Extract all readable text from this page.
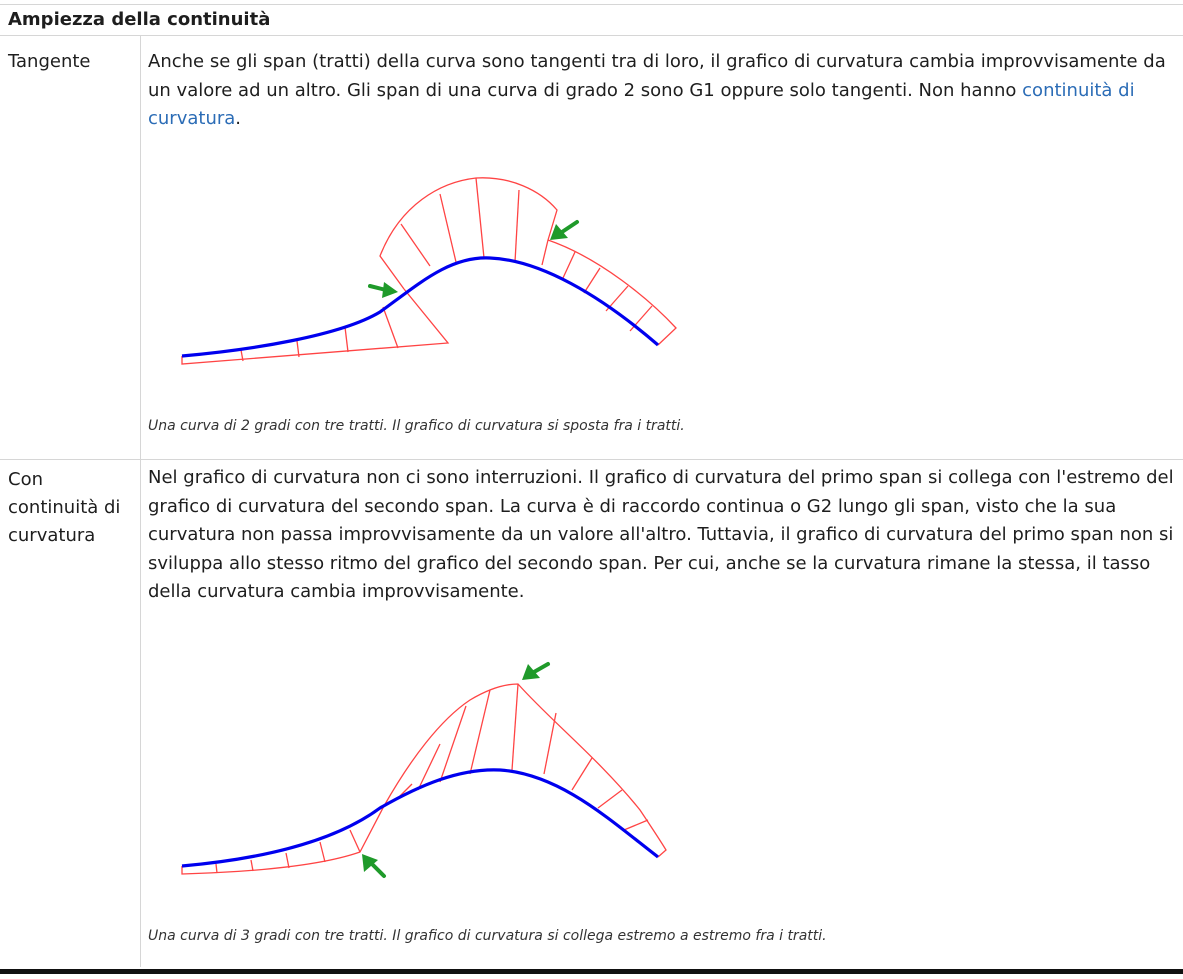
Ampiezza della continuità
Tangente	Anche se gli span (tratti) della curva sono tangenti tra di loro, il grafico di curvatura cambia improvvisamente da un valore ad un altro. Gli span di una curva di grado 2 sono G1 oppure solo tangenti. Non hanno continuità di curvatura.
Una curva di 2 gradi con tre tratti. Il grafico di curvatura si sposta fra i tratti.
Con continuità di curvatura
Nel grafico di curvatura non ci sono interruzioni. Il grafico di curvatura del primo span si collega con l'estremo del grafico di curvatura del secondo span. La curva è di raccordo continua o G2 lungo gli span, visto che la sua curvatura non passa improvvisamente da un valore all'altro. Tuttavia, il grafico di curvatura del primo span non si sviluppa allo stesso ritmo del grafico del secondo span. Per cui, anche se la curvatura rimane la stessa, il tasso della curvatura cambia improvvisamente.
Una curva di 3 gradi con tre tratti. Il grafico di curvatura si collega estremo a estremo fra i tratti.
